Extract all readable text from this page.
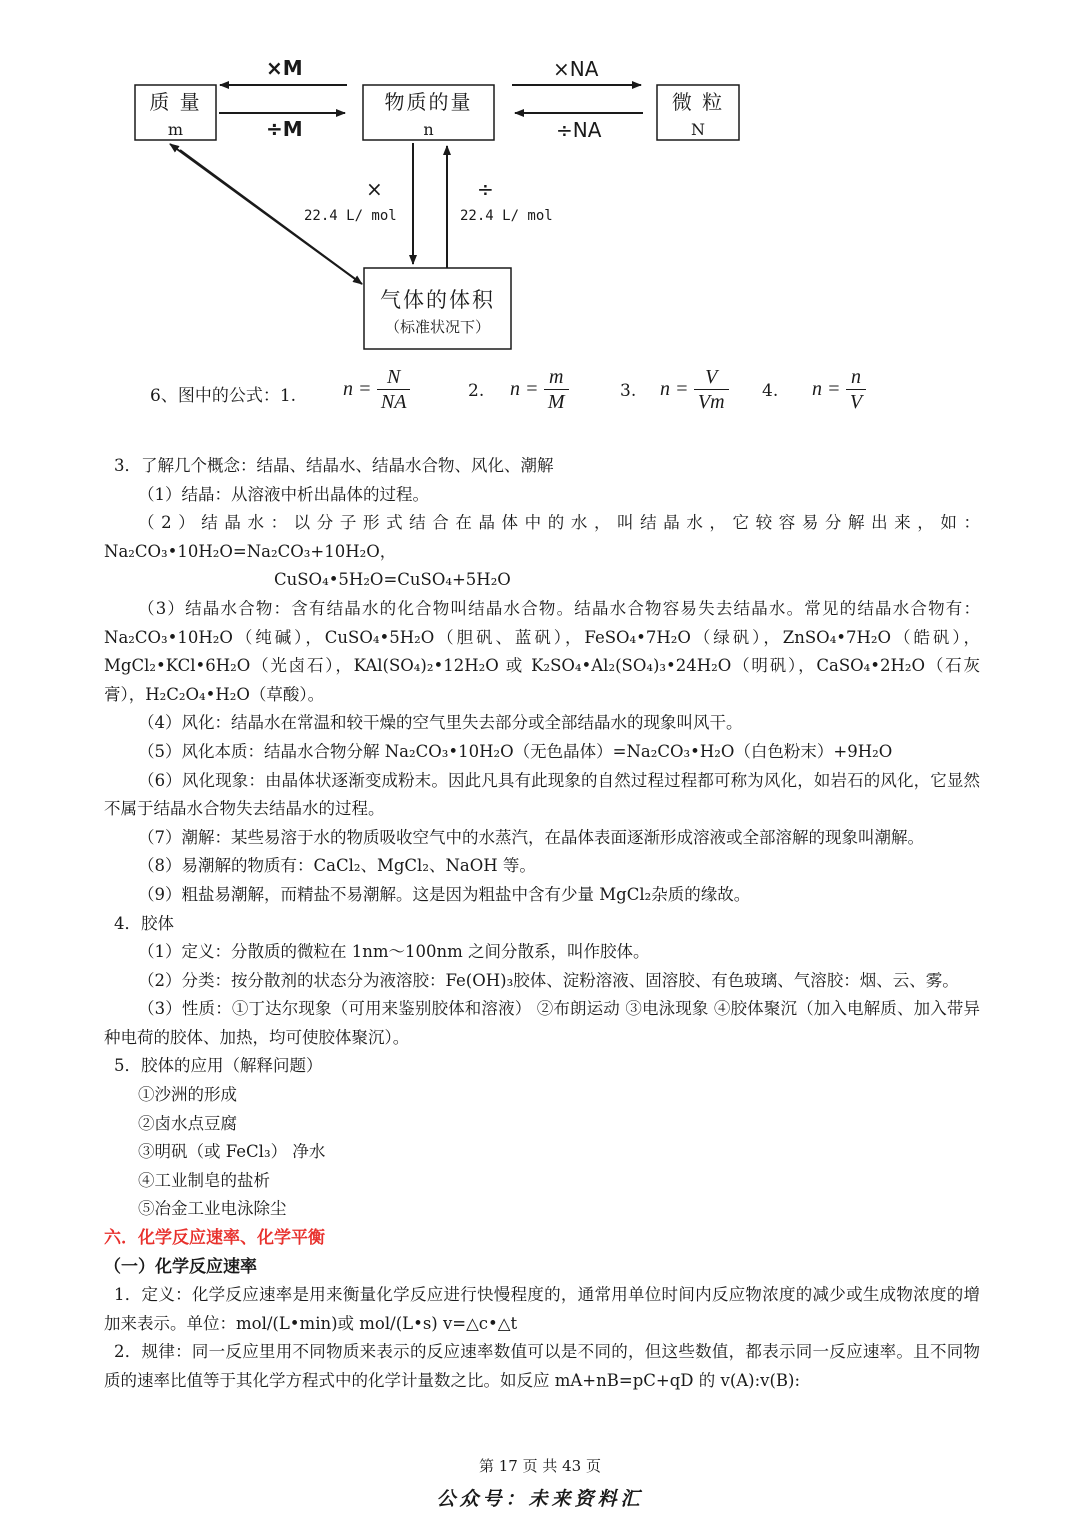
质 量
m
物质的量
n
微 粒
N
气体的体积
（标准状况下）
×M
÷M
×NA
÷NA
×
22.4 L/ mol
÷
22.4 L/ mol
6、图中的公式：1. $n = \frac{N}{NA}$	2. $n = \frac{m}{M}$	3. $n = \frac{V}{Vm} 4$. $n = \frac{n}{V}$

3．了解几个概念：结晶、结晶水、结晶水合物、风化、潮解

（1）结晶：从溶液中析出晶体的过程。

（2）结晶水：以分子形式结合在晶体中的水，叫结晶水，它较容易分解出来，如：Na₂CO₃•10H₂O=Na₂CO₃+10H₂O，

CuSO₄•5H₂O=CuSO₄+5H₂O

（3）结晶水合物：含有结晶水的化合物叫结晶水合物。结晶水合物容易失去结晶水。常见的结晶水合物有：Na₂CO₃•10H₂O（纯碱），CuSO₄•5H₂O（胆矾、蓝矾），FeSO₄•7H₂O（绿矾），ZnSO₄•7H₂O（皓矾），MgCl₂•KCl•6H₂O（光卤石），KAl(SO₄)₂•12H₂O 或 K₂SO₄•Al₂(SO₄)₃•24H₂O（明矾），CaSO₄•2H₂O（石灰膏），H₂C₂O₄•H₂O（草酸）。

（4）风化：结晶水在常温和较干燥的空气里失去部分或全部结晶水的现象叫风干。

（5）风化本质：结晶水合物分解 Na₂CO₃•10H₂O（无色晶体）=Na₂CO₃•H₂O（白色粉末）+9H₂O

（6）风化现象：由晶体状逐渐变成粉末。因此凡具有此现象的自然过程过程都可称为风化，如岩石的风化，它显然不属于结晶水合物失去结晶水的过程。

（7）潮解：某些易溶于水的物质吸收空气中的水蒸汽，在晶体表面逐渐形成溶液或全部溶解的现象叫潮解。

（8）易潮解的物质有：CaCl₂、MgCl₂、NaOH 等。

（9）粗盐易潮解，而精盐不易潮解。这是因为粗盐中含有少量 MgCl₂杂质的缘故。

4．胶体

（1）定义：分散质的微粒在 1nm～100nm 之间分散系，叫作胶体。

（2）分类：按分散剂的状态分为液溶胶：Fe(OH)₃胶体、淀粉溶液、固溶胶、有色玻璃、气溶胶：烟、云、雾。

（3）性质：①丁达尔现象（可用来鉴别胶体和溶液） ②布朗运动 ③电泳现象 ④胶体聚沉（加入电解质、加入带异种电荷的胶体、加热，均可使胶体聚沉）。

5．胶体的应用（解释问题）

①沙洲的形成

②卤水点豆腐

③明矾（或 FeCl₃） 净水

④工业制皂的盐析

⑤冶金工业电泳除尘

六．化学反应速率、化学平衡

（一）化学反应速率

1．定义：化学反应速率是用来衡量化学反应进行快慢程度的，通常用单位时间内反应物浓度的减少或生成物浓度的增加来表示。单位：mol/(L•min)或 mol/(L•s) v=△c•△t

2．规律：同一反应里用不同物质来表示的反应速率数值可以是不同的，但这些数值，都表示同一反应速率。且不同物质的速率比值等于其化学方程式中的化学计量数之比。如反应 mA+nB=pC+qD 的 v(A):v(B):

第 17 页 共 43 页
公众号：未来资料汇
